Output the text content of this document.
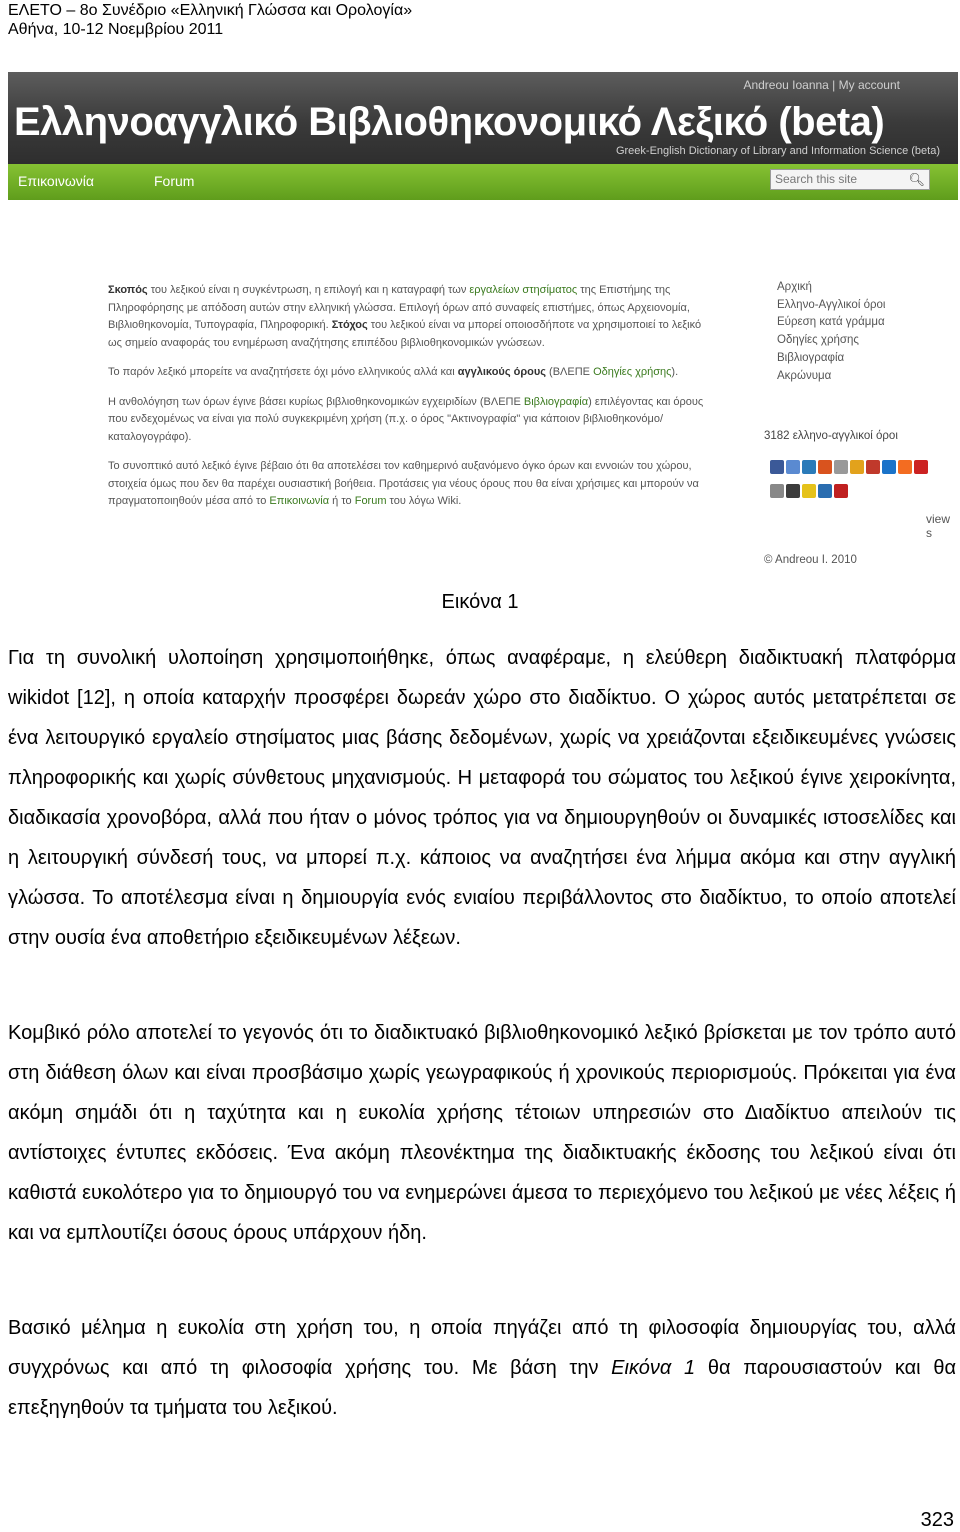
ΕΛΕΤΟ – 8ο Συνέδριο «Ελληνική Γλώσσα και Ορολογία»
Αθήνα, 10-12 Νοεμβρίου 2011
Andreou Ioanna | My account
Ελληνοαγγλικό Βιβλιοθηκονομικό Λεξικό (beta)
Greek-English Dictionary of Library and Information Science (beta)
Επικοινωνία	Forum	Search this site	🔍︎

Σκοπός του λεξικού είναι η συγκέντρωση, η επιλογή και η καταγραφή των εργαλείων στησίματος της Επιστήμης της Πληροφόρησης με απόδοση αυτών στην ελληνική γλώσσα. Επιλογή όρων από συναφείς επιστήμες, όπως Αρχειονομία, Βιβλιοθηκονομία, Τυπογραφία, Πληροφορική. Στόχος του λεξικού είναι να μπορεί οποιοσδήποτε να χρησιμοποιεί το λεξικό ως σημείο αναφοράς του ενημέρωση αναζήτησης επιπέδου βιβλιοθηκονομικών γνώσεων.

Το παρόν λεξικό μπορείτε να αναζητήσετε όχι μόνο ελληνικούς αλλά και αγγλικούς όρους (ΒΛΕΠΕ Οδηγίες χρήσης).

Η ανθολόγηση των όρων έγινε βάσει κυρίως βιβλιοθηκονομικών εγχειριδίων (ΒΛΕΠΕ Βιβλιογραφία) επιλέγοντας και όρους που ενδεχομένως να είναι για πολύ συγκεκριμένη χρήση (π.χ. ο όρος "Ακτινογραφία" για κάποιον βιβλιοθηκονόμο/καταλογογράφο).

Το συνοπτικό αυτό λεξικό έγινε βέβαιο ότι θα αποτελέσει τον καθημερινό αυξανόμενο όγκο όρων και εννοιών του χώρου, στοιχεία όμως που δεν θα παρέχει ουσιαστική βοήθεια. Προτάσεις για νέους όρους που θα είναι χρήσιμες και μπορούν να πραγματοποιηθούν μέσα από το Επικοινωνία ή το Forum του λόγω Wiki.

Αρχική
Ελληνο-Αγγλικοί όροι
Εύρεση κατά γράμμα
Οδηγίες χρήσης
Βιβλιογραφία
Ακρώνυμα
3182 ελληνο-αγγλικοί όροι

view s
© Andreou I. 2010
Εικόνα 1

Για τη συνολική υλοποίηση χρησιμοποιήθηκε, όπως αναφέραμε, η ελεύθερη διαδικτυακή πλατφόρμα wikidot [12], η οποία καταρχήν προσφέρει δωρεάν χώρο στο διαδίκτυο. Ο χώρος αυτός μετατρέπεται σε ένα λειτουργικό εργαλείο στησίματος μιας βάσης δεδομένων, χωρίς να χρειάζονται εξειδικευμένες γνώσεις πληροφορικής και χωρίς σύνθετους μηχανισμούς. Η μεταφορά του σώματος του λεξικού έγινε χειροκίνητα, διαδικασία χρονοβόρα, αλλά που ήταν ο μόνος τρόπος για να δημιουργηθούν οι δυναμικές ιστοσελίδες και η λειτουργική σύνδεσή τους, να μπορεί π.χ. κάποιος να αναζητήσει ένα λήμμα ακόμα και στην αγγλική γλώσσα. Το αποτέλεσμα είναι η δημιουργία ενός ενιαίου περιβάλλοντος στο διαδίκτυο, το οποίο αποτελεί στην ουσία ένα αποθετήριο εξειδικευμένων λέξεων.

Κομβικό ρόλο αποτελεί το γεγονός ότι το διαδικτυακό βιβλιοθηκονομικό λεξικό βρίσκεται με τον τρόπο αυτό στη διάθεση όλων και είναι προσβάσιμο χωρίς γεωγραφικούς ή χρονικούς περιορισμούς. Πρόκειται για ένα ακόμη σημάδι ότι η ταχύτητα και η ευκολία χρήσης τέτοιων υπηρεσιών στο Διαδίκτυο απειλούν τις αντίστοιχες έντυπες εκδόσεις. Ένα ακόμη πλεονέκτημα της διαδικτυακής έκδοσης του λεξικού είναι ότι καθιστά ευκολότερο για το δημιουργό του να ενημερώνει άμεσα το περιεχόμενο του λεξικού με νέες λέξεις ή και να εμπλουτίζει όσους όρους υπάρχουν ήδη.

Βασικό μέλημα η ευκολία στη χρήση του, η οποία πηγάζει από τη φιλοσοφία δημιουργίας του, αλλά συγχρόνως και από τη φιλοσοφία χρήσης του. Με βάση την Εικόνα 1 θα παρουσιαστούν και θα επεξηγηθούν τα τμήματα του λεξικού.

323
